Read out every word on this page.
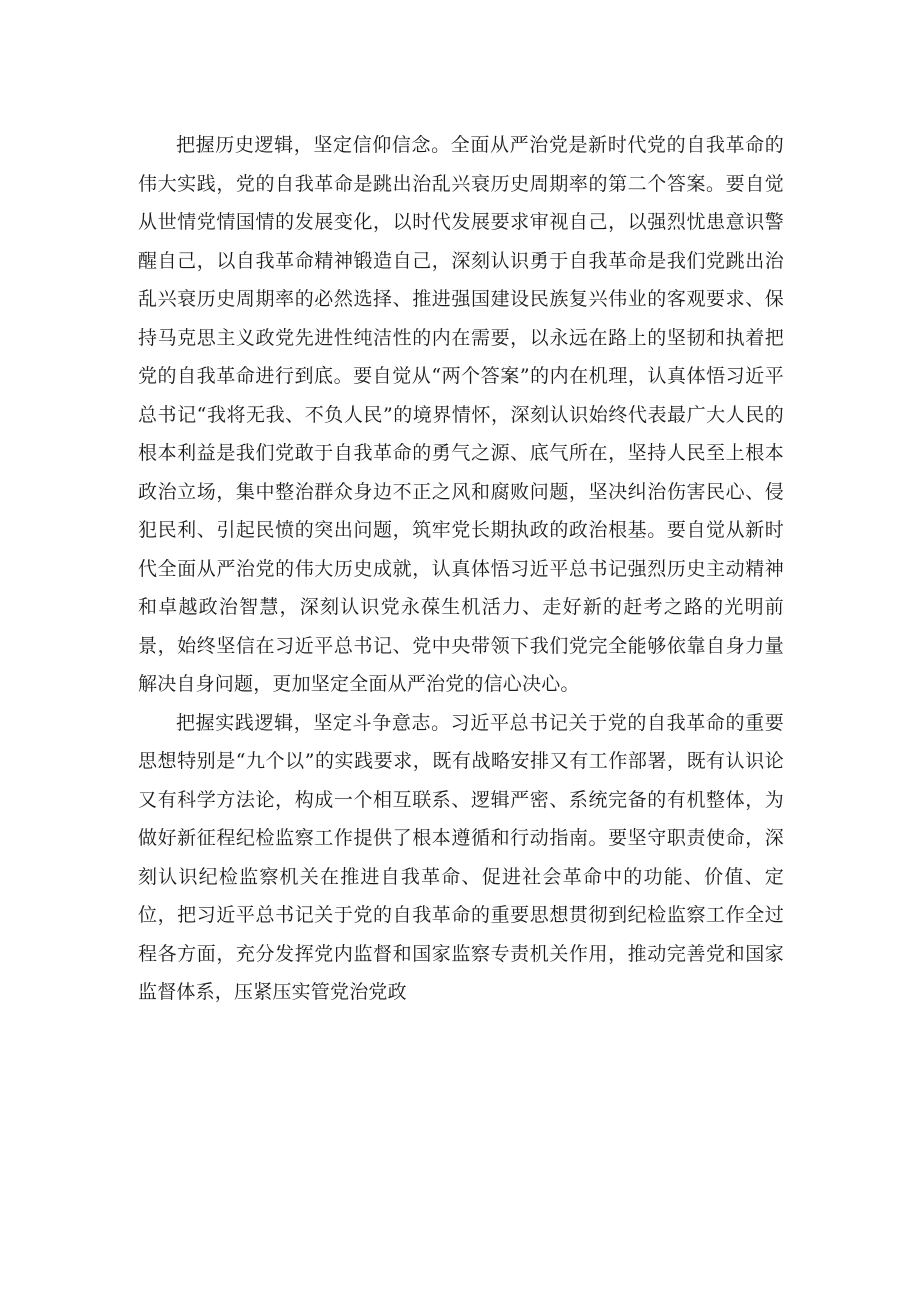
把握历史逻辑，坚定信仰信念。全面从严治党是新时代党的自我革命的伟大实践，党的自我革命是跳出治乱兴衰历史周期率的第二个答案。要自觉从世情党情国情的发展变化，以时代发展要求审视自己，以强烈忧患意识警醒自己，以自我革命精神锻造自己，深刻认识勇于自我革命是我们党跳出治乱兴衰历史周期率的必然选择、推进强国建设民族复兴伟业的客观要求、保持马克思主义政党先进性纯洁性的内在需要，以永远在路上的坚韧和执着把党的自我革命进行到底。要自觉从“两个答案”的内在机理，认真体悟习近平总书记“我将无我、不负人民”的境界情怀，深刻认识始终代表最广大人民的根本利益是我们党敢于自我革命的勇气之源、底气所在，坚持人民至上根本政治立场，集中整治群众身边不正之风和腐败问题，坚决纠治伤害民心、侵犯民利、引起民愤的突出问题，筑牢党长期执政的政治根基。要自觉从新时代全面从严治党的伟大历史成就，认真体悟习近平总书记强烈历史主动精神和卓越政治智慧，深刻认识党永葆生机活力、走好新的赶考之路的光明前景，始终坚信在习近平总书记、党中央带领下我们党完全能够依靠自身力量解决自身问题，更加坚定全面从严治党的信心决心。

把握实践逻辑，坚定斗争意志。习近平总书记关于党的自我革命的重要思想特别是“九个以”的实践要求，既有战略安排又有工作部署，既有认识论又有科学方法论，构成一个相互联系、逻辑严密、系统完备的有机整体，为做好新征程纪检监察工作提供了根本遵循和行动指南。要坚守职责使命，深刻认识纪检监察机关在推进自我革命、促进社会革命中的功能、价值、定位，把习近平总书记关于党的自我革命的重要思想贯彻到纪检监察工作全过程各方面，充分发挥党内监督和国家监察专责机关作用，推动完善党和国家监督体系，压紧压实管党治党政
